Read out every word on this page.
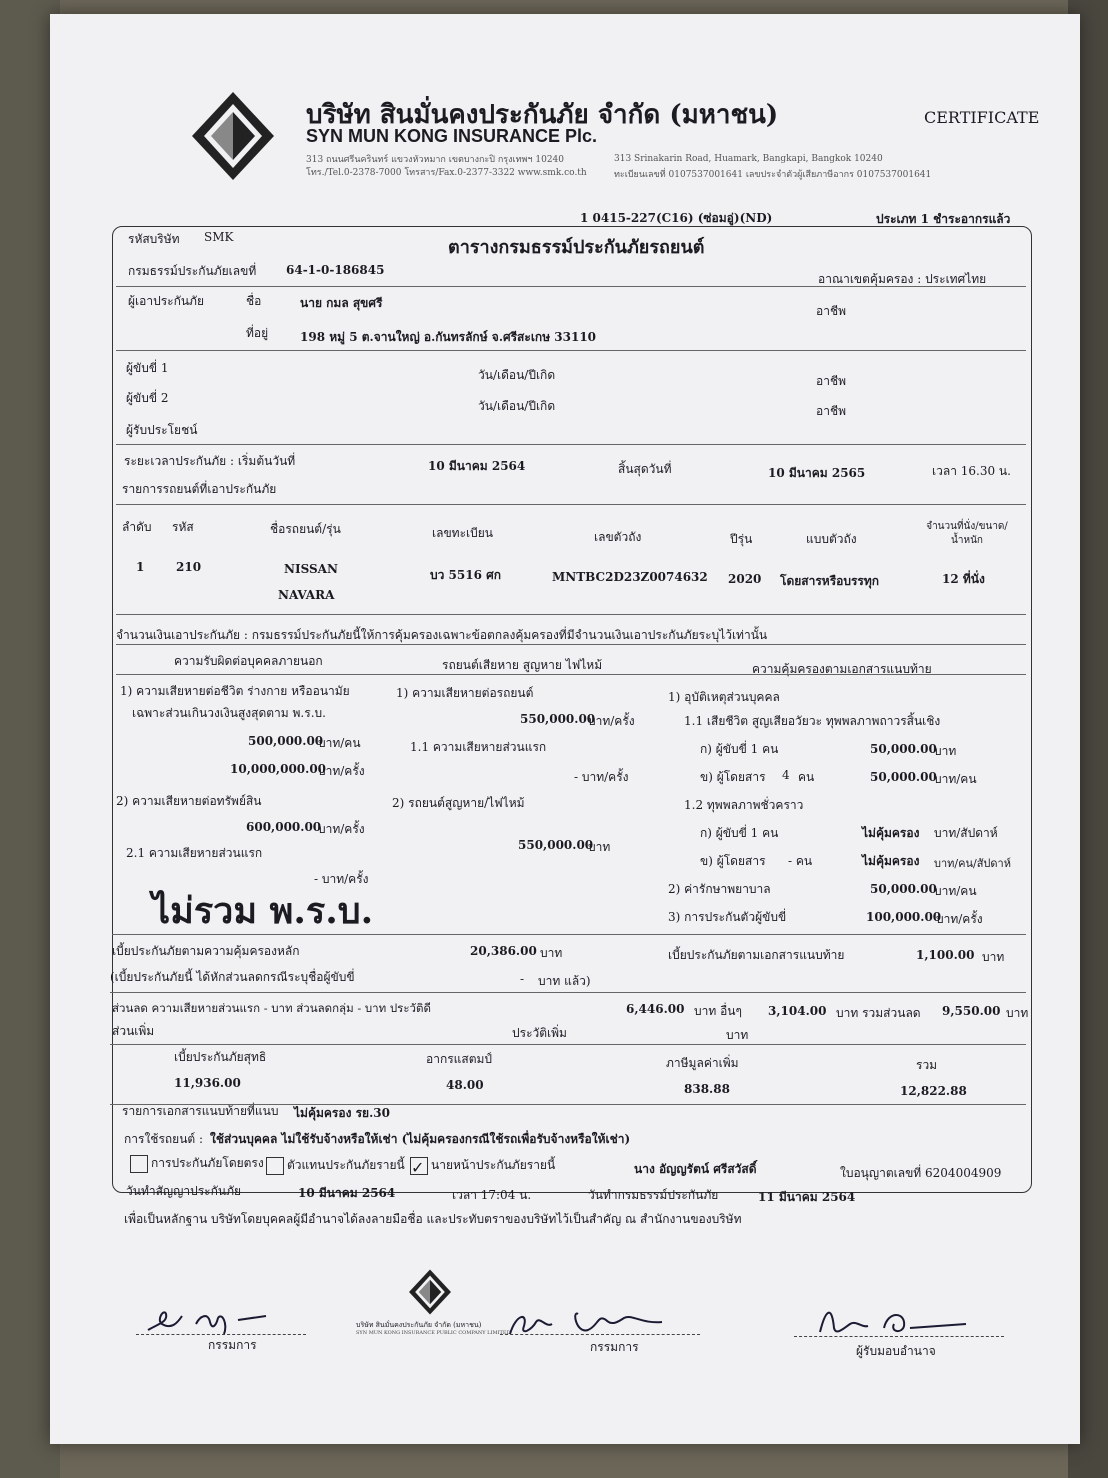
บริษัท สินมั่นคงประกันภัย จำกัด (มหาชน)
SYN MUN KONG INSURANCE Plc.
313 ถนนศรีนครินทร์ แขวงหัวหมาก เขตบางกะปิ กรุงเทพฯ 10240
โทร./Tel.0-2378-7000 โทรสาร/Fax.0-2377-3322 www.smk.co.th
313 Srinakarin Road, Huamark, Bangkapi, Bangkok 10240
ทะเบียนเลขที่ 0107537001641 เลขประจำตัวผู้เสียภาษีอากร 0107537001641
CERTIFICATE
1 0415-227(C16) (ซ่อมอู่)(ND)	ประเภท 1 ชำระอากรแล้ว
รหัสบริษัท SMK	ตารางกรมธรรม์ประกันภัยรถยนต์
กรมธรรม์ประกันภัยเลขที่ 64-1-0-186845
อาณาเขตคุ้มครอง : ประเทศไทย
ผู้เอาประกันภัย	ชื่อ	นาย กมล สุขศรี
อาชีพ
ที่อยู่	198 หมู่ 5 ต.จานใหญ่ อ.กันทรลักษ์ จ.ศรีสะเกษ 33110
ผู้ขับขี่ 1	วัน/เดือน/ปีเกิด	อาชีพ
ผู้ขับขี่ 2
วัน/เดือน/ปีเกิด	อาชีพ
ผู้รับประโยชน์
ระยะเวลาประกันภัย : เริ่มต้นวันที่	10 มีนาคม 2564	สิ้นสุดวันที่	10 มีนาคม 2565	เวลา 16.30 น.
รายการรถยนต์ที่เอาประกันภัย
ลำดับ รหัส	ชื่อรถยนต์/รุ่น	เลขทะเบียน	เลขตัวถัง	ปีรุ่น	แบบตัวถัง
จำนวนที่นั่ง/ขนาด/น้ำหนัก
1	210	NISSAN
NAVARA
บว 5516 ศก	MNTBC2D23Z0074632 2020 โดยสารหรือบรรทุก	12 ที่นั่ง
จำนวนเงินเอาประกันภัย : กรมธรรม์ประกันภัยนี้ให้การคุ้มครองเฉพาะข้อตกลงคุ้มครองที่มีจำนวนเงินเอาประกันภัยระบุไว้เท่านั้น
ความรับผิดต่อบุคคลภายนอก	รถยนต์เสียหาย สูญหาย ไฟไหม้	ความคุ้มครองตามเอกสารแนบท้าย
1) ความเสียหายต่อชีวิต ร่างกาย หรืออนามัย
เฉพาะส่วนเกินวงเงินสูงสุดตาม พ.ร.บ.
500,000.00
บาท/คน
10,000,000.00
บาท/ครั้ง
2) ความเสียหายต่อทรัพย์สิน
600,000.00
บาท/ครั้ง
2.1 ความเสียหายส่วนแรก
- บาท/ครั้ง
ไม่รวม พ.ร.บ.
1) ความเสียหายต่อรถยนต์
550,000.00
บาท/ครั้ง
1.1 ความเสียหายส่วนแรก
- บาท/ครั้ง
2) รถยนต์สูญหาย/ไฟไหม้
550,000.00
บาท
1) อุบัติเหตุส่วนบุคคล
1.1 เสียชีวิต สูญเสียอวัยวะ ทุพพลภาพถาวรสิ้นเชิง
ก) ผู้ขับขี่ 1 คน	50,000.00
บาท
ข) ผู้โดยสาร 4 คน	50,000.00
บาท/คน
1.2 ทุพพลภาพชั่วคราว
ก) ผู้ขับขี่ 1 คน	ไม่คุ้มครอง บาท/สัปดาห์
ข) ผู้โดยสาร - คน	ไม่คุ้มครอง บาท/คน/สัปดาห์
2) ค่ารักษาพยาบาล	50,000.00
บาท/คน
3) การประกันตัวผู้ขับขี่	100,000.00
บาท/ครั้ง
เบี้ยประกันภัยตามความคุ้มครองหลัก	20,386.00 บาท	เบี้ยประกันภัยตามเอกสารแนบท้าย	1,100.00 บาท
(เบี้ยประกันภัยนี้ ได้หักส่วนลดกรณีระบุชื่อผู้ขับขี่	- บาท แล้ว)
ส่วนลด ความเสียหายส่วนแรก - บาท ส่วนลดกลุ่ม - บาท ประวัติดี	6,446.00 บาท อื่นๆ 3,104.00 บาท รวมส่วนลด 9,550.00 บาท
ส่วนเพิ่ม	ประวัติเพิ่ม	บาท
เบี้ยประกันภัยสุทธิ	อากรแสตมป์	ภาษีมูลค่าเพิ่ม	รวม
11,936.00	48.00	838.88	12,822.88
รายการเอกสารแนบท้ายที่แนบ ไม่คุ้มครอง รย.30
การใช้รถยนต์ : ใช้ส่วนบุคคล ไม่ใช้รับจ้างหรือให้เช่า (ไม่คุ้มครองกรณีใช้รถเพื่อรับจ้างหรือให้เช่า)
การประกันภัยโดยตรง	ตัวแทนประกันภัยรายนี้ ✓ นายหน้าประกันภัยรายนี้	นาง อัญญรัตน์ ศรีสวัสดิ์	ใบอนุญาตเลขที่ 6204004909
วันทำสัญญาประกันภัย	10 มีนาคม 2564	เวลา 17:04 น.	วันทำกรมธรรม์ประกันภัย	11 มีนาคม 2564
เพื่อเป็นหลักฐาน บริษัทโดยบุคคลผู้มีอำนาจได้ลงลายมือชื่อ และประทับตราของบริษัทไว้เป็นสำคัญ ณ สำนักงานของบริษัท
บริษัท สินมั่นคงประกันภัย จำกัด (มหาชน)
SYN MUN KONG INSURANCE PUBLIC COMPANY LIMITED
กรรมการ	กรรมการ	ผู้รับมอบอำนาจ
